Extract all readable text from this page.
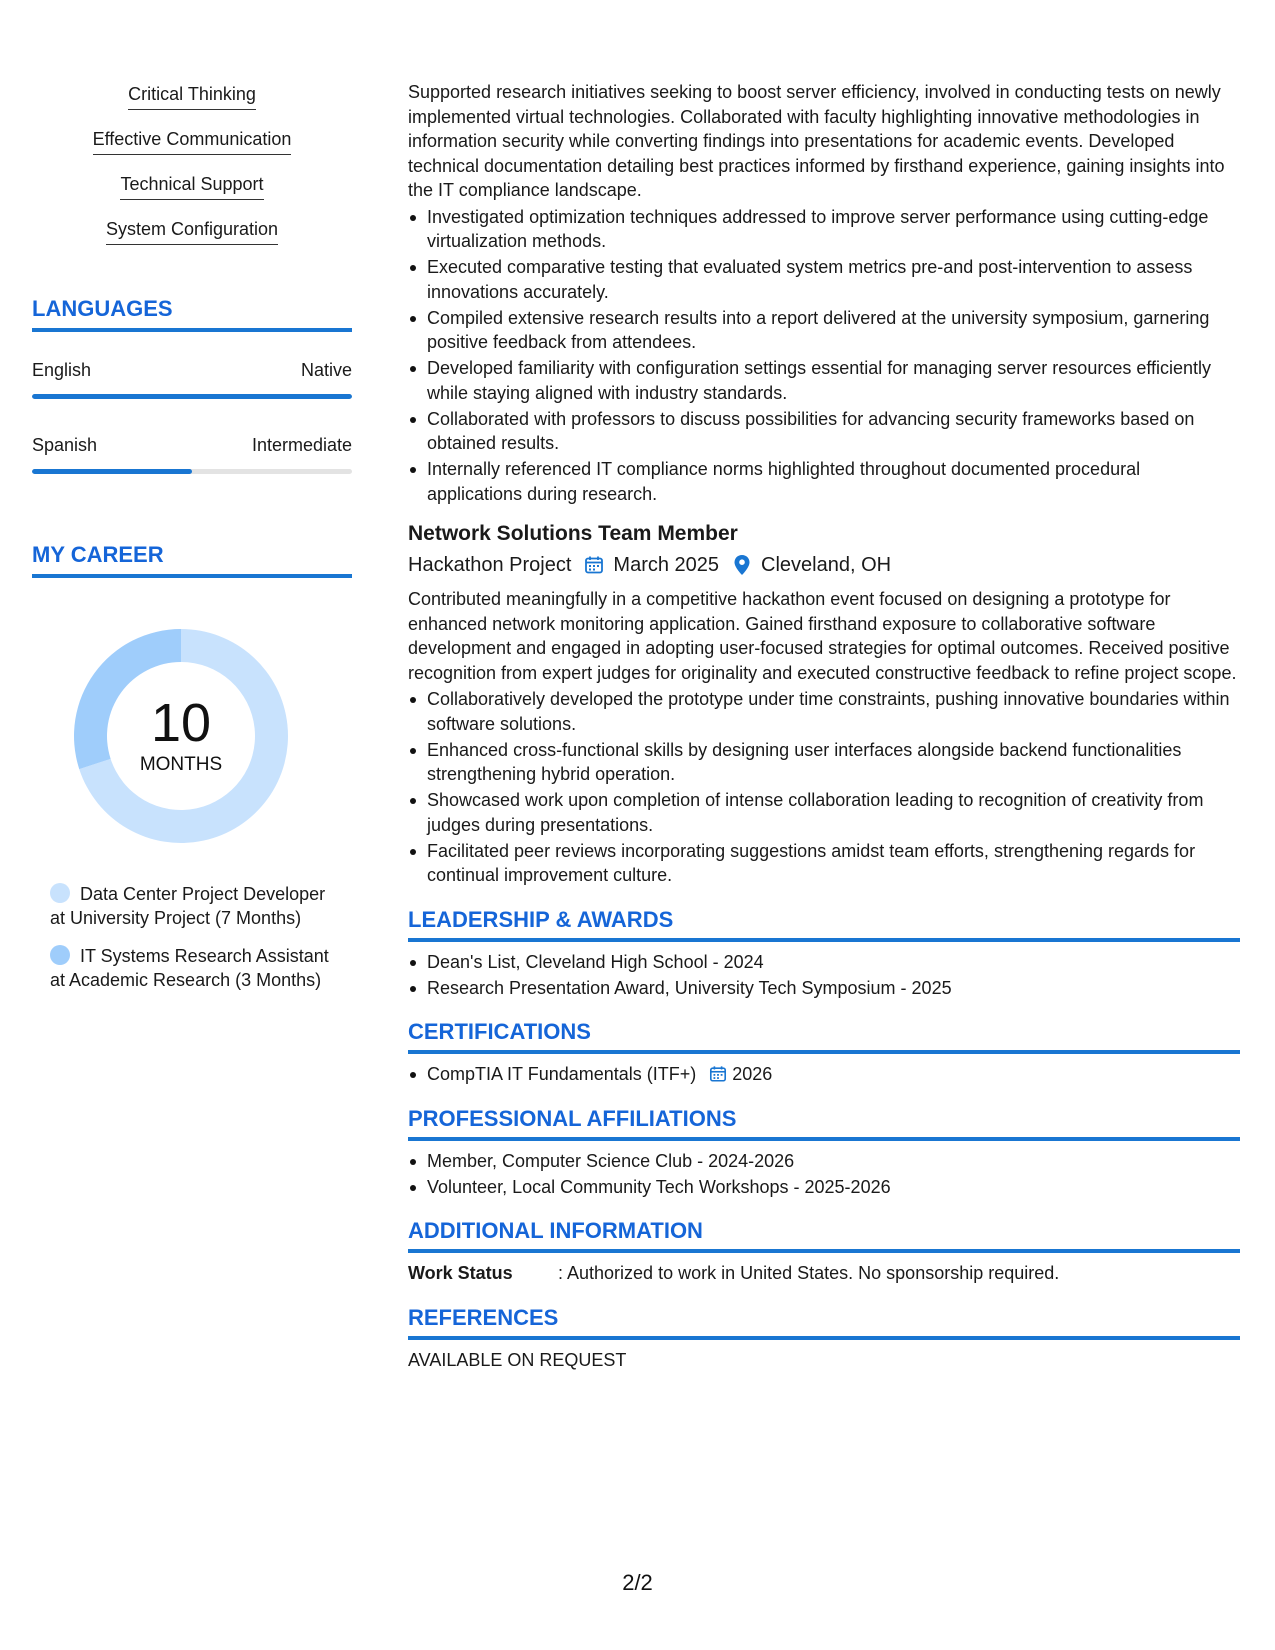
Critical Thinking
Effective Communication
Technical Support
System Configuration
LANGUAGES
English	Native
Spanish	Intermediate
MY CAREER
10
MONTHS
Data Center Project Developer at University Project (7 Months)
IT Systems Research Assistant at Academic Research (3 Months)

Supported research initiatives seeking to boost server efficiency, involved in conducting tests on newly implemented virtual technologies. Collaborated with faculty highlighting innovative methodologies in information security while converting findings into presentations for academic events. Developed technical documentation detailing best practices informed by firsthand experience, gaining insights into the IT compliance landscape.

Investigated optimization techniques addressed to improve server performance using cutting-edge virtualization methods.
Executed comparative testing that evaluated system metrics pre-and post-intervention to assess innovations accurately.
Compiled extensive research results into a report delivered at the university symposium, garnering positive feedback from attendees.
Developed familiarity with configuration settings essential for managing server resources efficiently while staying aligned with industry standards.
Collaborated with professors to discuss possibilities for advancing security frameworks based on obtained results.
Internally referenced IT compliance norms highlighted throughout documented procedural applications during research.
Network Solutions Team Member
Hackathon Project March 2025 Cleveland, OH

Contributed meaningfully in a competitive hackathon event focused on designing a prototype for enhanced network monitoring application. Gained firsthand exposure to collaborative software development and engaged in adopting user-focused strategies for optimal outcomes. Received positive recognition from expert judges for originality and executed constructive feedback to refine project scope.

Collaboratively developed the prototype under time constraints, pushing innovative boundaries within software solutions.
Enhanced cross-functional skills by designing user interfaces alongside backend functionalities strengthening hybrid operation.
Showcased work upon completion of intense collaboration leading to recognition of creativity from judges during presentations.
Facilitated peer reviews incorporating suggestions amidst team efforts, strengthening regards for continual improvement culture.
LEADERSHIP & AWARDS
Dean's List, Cleveland High School - 2024
Research Presentation Award, University Tech Symposium - 2025
CERTIFICATIONS
CompTIA IT Fundamentals (ITF+) 2026
PROFESSIONAL AFFILIATIONS
Member, Computer Science Club - 2024-2026
Volunteer, Local Community Tech Workshops - 2025-2026
ADDITIONAL INFORMATION
Work Status	: Authorized to work in United States. No sponsorship required.
REFERENCES
AVAILABLE ON REQUEST
2/2
